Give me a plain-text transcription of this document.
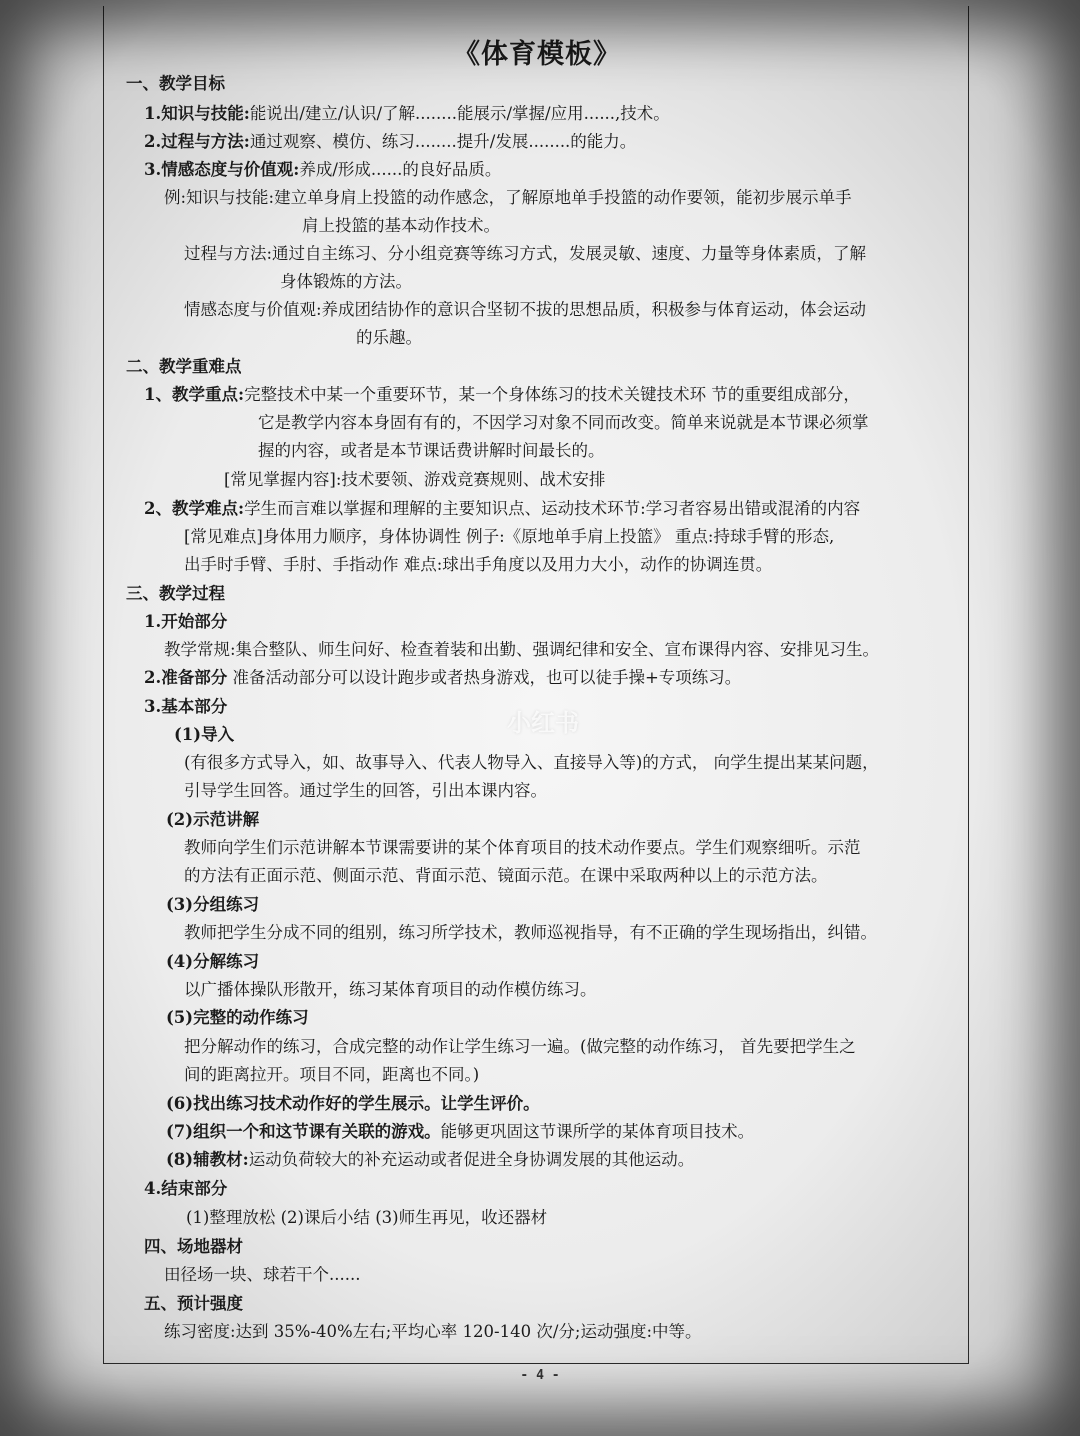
《体育模板》
一、教学目标
1.知识与技能:能说出/建立/认识/了解........能展示/掌握/应用......,技术。
2.过程与方法:通过观察、模仿、练习........提升/发展........的能力。
3.情感态度与价值观:养成/形成......的良好品质。
例:知识与技能:建立单身肩上投篮的动作感念，了解原地单手投篮的动作要领，能初步展示单手
肩上投篮的基本动作技术。
过程与方法:通过自主练习、分小组竞赛等练习方式，发展灵敏、速度、力量等身体素质，了解
身体锻炼的方法。
情感态度与价值观:养成团结协作的意识合坚韧不拔的思想品质，积极参与体育运动，体会运动
的乐趣。
二、教学重难点
1、教学重点:完整技术中某一个重要环节，某一个身体练习的技术关键技术环 节的重要组成部分，
它是教学内容本身固有有的，不因学习对象不同而改变。简单来说就是本节课必须掌
握的内容，或者是本节课话费讲解时间最长的。
[常见掌握内容]:技术要领、游戏竞赛规则、战术安排
2、教学难点:学生而言难以掌握和理解的主要知识点、运动技术环节:学习者容易出错或混淆的内容
[常见难点]身体用力顺序，身体协调性 例子:《原地单手肩上投篮》 重点:持球手臂的形态,
出手时手臂、手肘、手指动作 难点:球出手角度以及用力大小，动作的协调连贯。
三、教学过程
1.开始部分
教学常规:集合整队、师生问好、检查着装和出勤、强调纪律和安全、宣布课得内容、安排见习生。
2.准备部分 准备活动部分可以设计跑步或者热身游戏，也可以徒手操+专项练习。
3.基本部分
(1)导入
(有很多方式导入，如、故事导入、代表人物导入、直接导入等)的方式， 向学生提出某某问题，
引导学生回答。通过学生的回答，引出本课内容。
(2)示范讲解
教师向学生们示范讲解本节课需要讲的某个体育项目的技术动作要点。学生们观察细听。示范
的方法有正面示范、侧面示范、背面示范、镜面示范。在课中采取两种以上的示范方法。
(3)分组练习
教师把学生分成不同的组别，练习所学技术，教师巡视指导，有不正确的学生现场指出，纠错。
(4)分解练习
以广播体操队形散开，练习某体育项目的动作模仿练习。
(5)完整的动作练习
把分解动作的练习，合成完整的动作让学生练习一遍。(做完整的动作练习， 首先要把学生之
间的距离拉开。项目不同，距离也不同。)
(6)找出练习技术动作好的学生展示。让学生评价。
(7)组织一个和这节课有关联的游戏。能够更巩固这节课所学的某体育项目技术。
(8)辅教材:运动负荷较大的补充运动或者促进全身协调发展的其他运动。
4.结束部分
(1)整理放松 (2)课后小结 (3)师生再见，收还器材
四、场地器材
田径场一块、球若干个......
五、预计强度
练习密度:达到 35%-40%左右;平均心率 120-140 次/分;运动强度:中等。
小红书
- 4 -
